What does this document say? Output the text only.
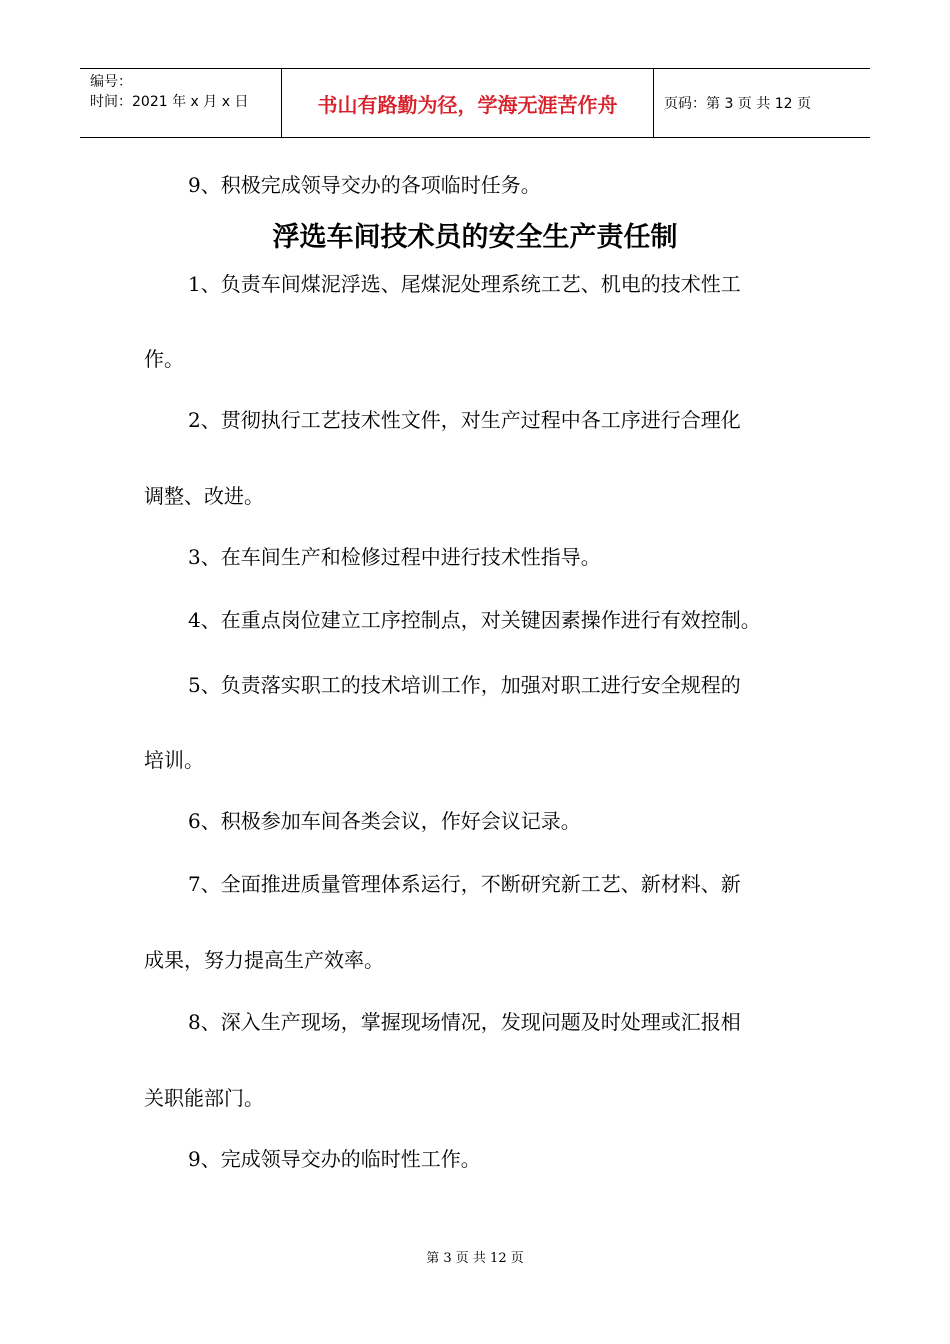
编号：
时间：2021 年 x 月 x 日	书山有路勤为径，学海无涯苦作舟	页码：第 3 页 共 12 页
9、积极完成领导交办的各项临时任务。
浮选车间技术员的安全生产责任制
1、负责车间煤泥浮选、尾煤泥处理系统工艺、机电的技术性工
作。
2、贯彻执行工艺技术性文件，对生产过程中各工序进行合理化
调整、改进。
3、在车间生产和检修过程中进行技术性指导。
4、在重点岗位建立工序控制点，对关键因素操作进行有效控制。
5、负责落实职工的技术培训工作，加强对职工进行安全规程的
培训。
6、积极参加车间各类会议，作好会议记录。
7、全面推进质量管理体系运行，不断研究新工艺、新材料、新
成果，努力提高生产效率。
8、深入生产现场，掌握现场情况，发现问题及时处理或汇报相
关职能部门。
9、完成领导交办的临时性工作。
第 3 页 共 12 页
